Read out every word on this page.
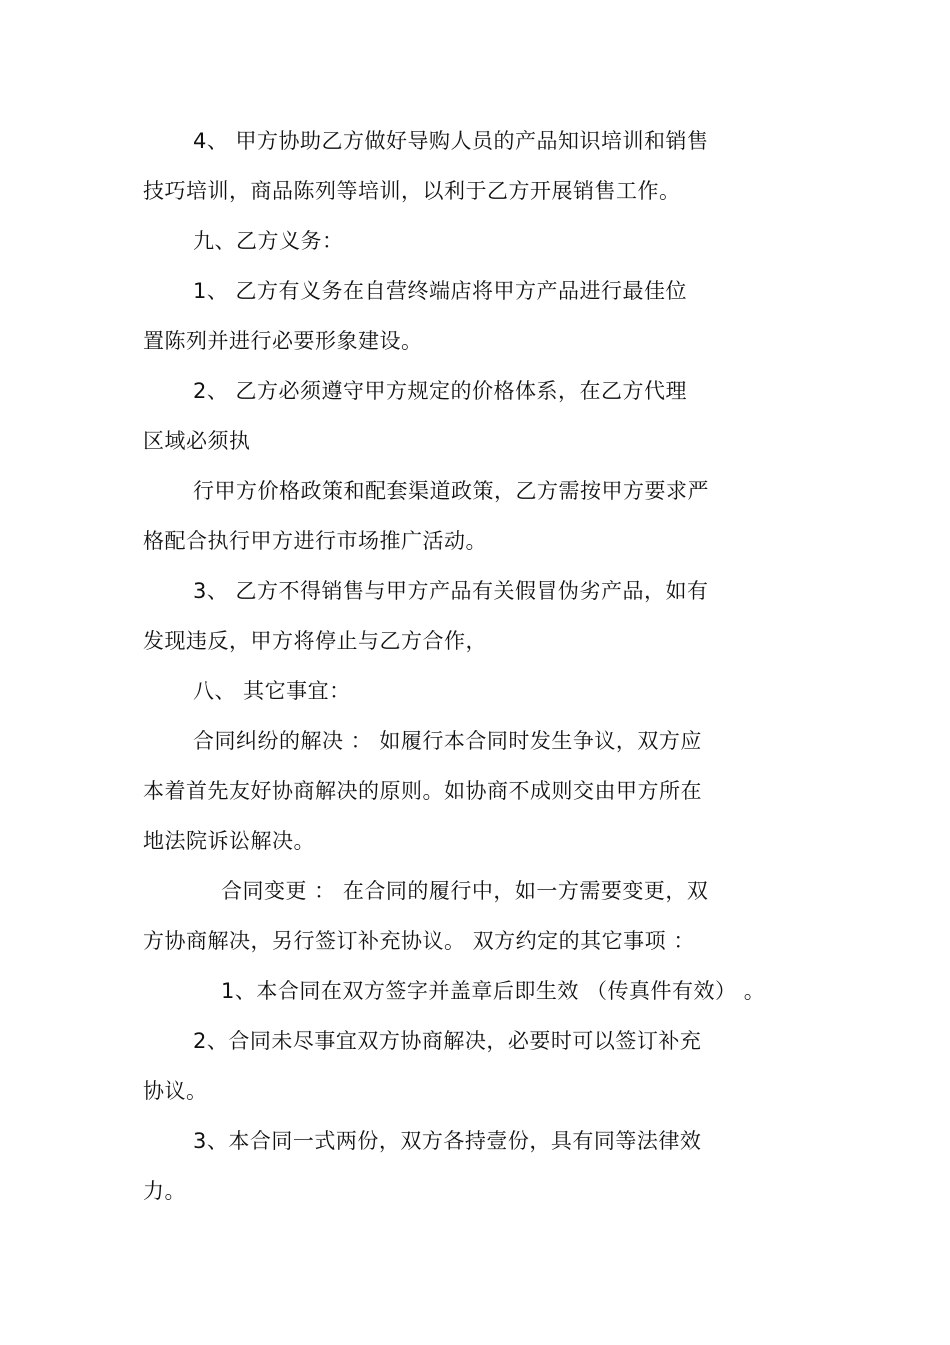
4、 甲方协助乙方做好导购人员的产品知识培训和销售
技巧培训，商品陈列等培训，以利于乙方开展销售工作。
九、乙方义务：
1、 乙方有义务在自营终端店将甲方产品进行最佳位
置陈列并进行必要形象建设。
2、 乙方必须遵守甲方规定的价格体系，在乙方代理
区域必须执
行甲方价格政策和配套渠道政策，乙方需按甲方要求严
格配合执行甲方进行市场推广活动。
3、 乙方不得销售与甲方产品有关假冒伪劣产品，如有
发现违反，甲方将停止与乙方合作，
八、 其它事宜：
合同纠纷的解决 ： 如履行本合同时发生争议，双方应
本着首先友好协商解决的原则。如协商不成则交由甲方所在
地法院诉讼解决。
合同变更 ： 在合同的履行中，如一方需要变更，双
方协商解决，另行签订补充协议。 双方约定的其它事项 ：
1、本合同在双方签字并盖章后即生效 （传真件有效） 。
2、合同未尽事宜双方协商解决，必要时可以签订补充
协议。
3、本合同一式两份，双方各持壹份，具有同等法律效
力。
